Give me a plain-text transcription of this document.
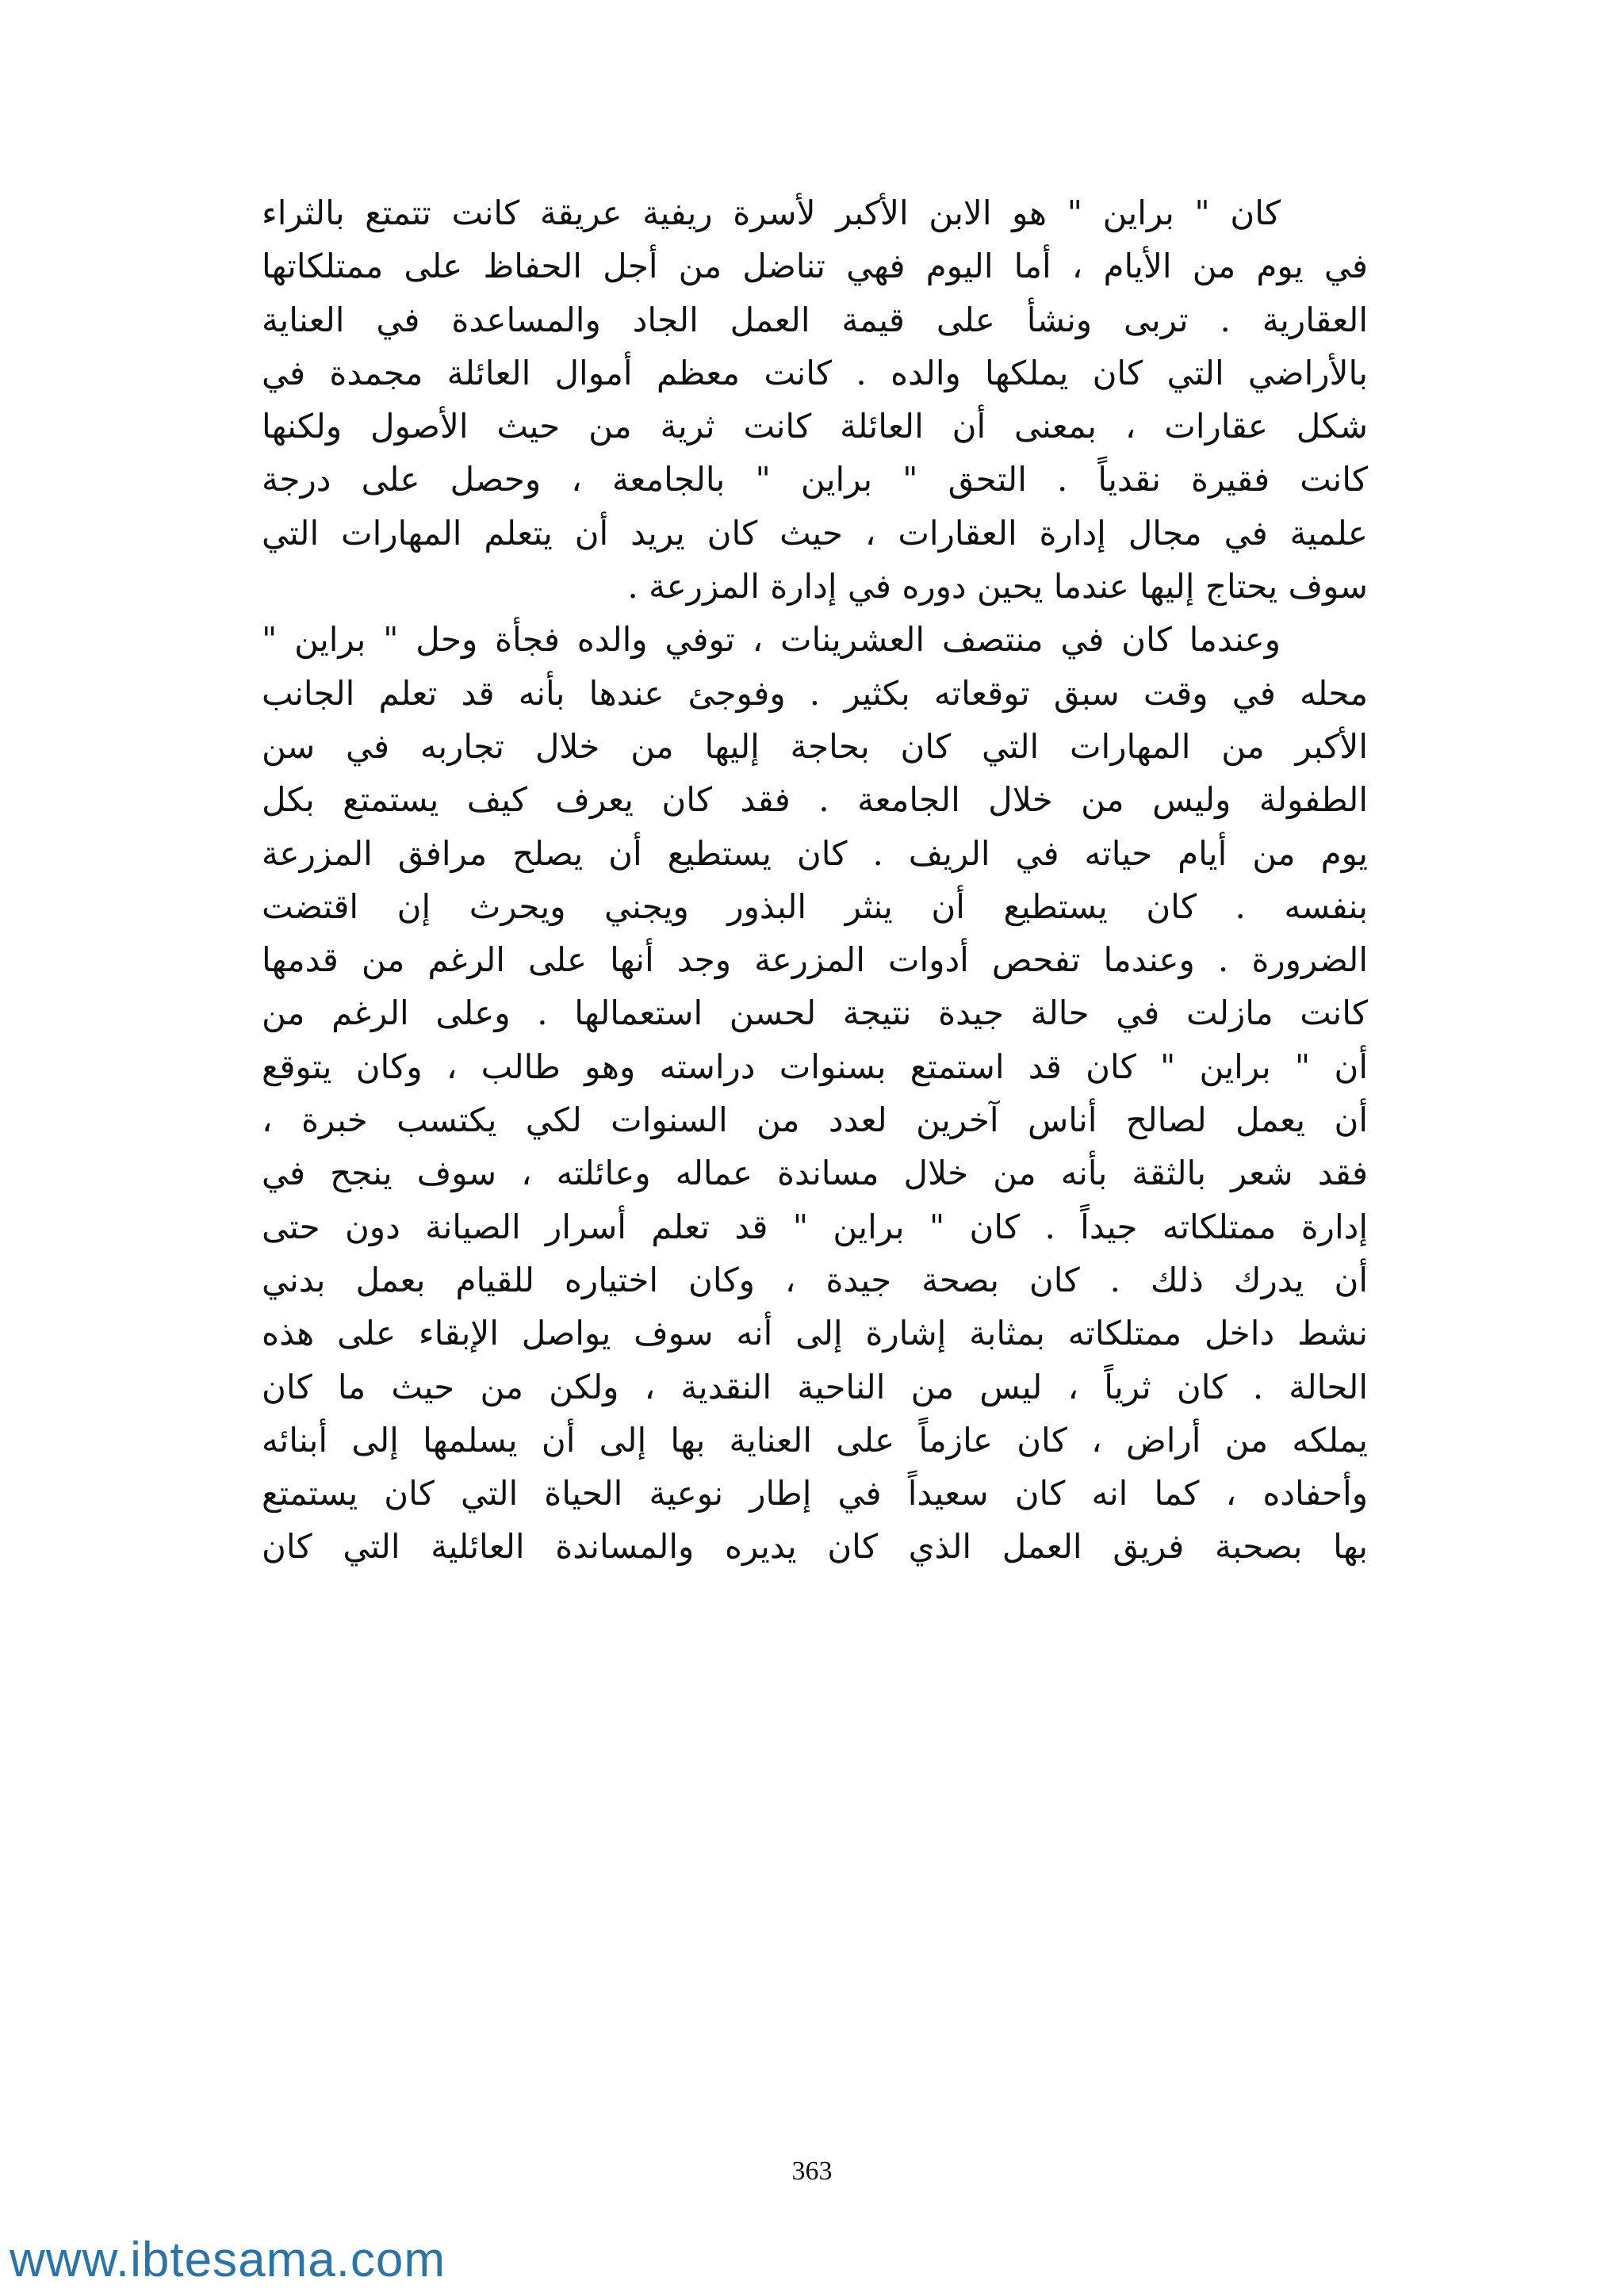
كان " براين " هو الابن الأكبر لأسرة ريفية عريقة كانت تتمتع بالثراء
في يوم من الأيام ، أما اليوم فهي تناضل من أجل الحفاظ على ممتلكاتها
العقارية . تربى ونشأ على قيمة العمل الجاد والمساعدة في العناية
بالأراضي التي كان يملكها والده . كانت معظم أموال العائلة مجمدة في
شكل عقارات ، بمعنى أن العائلة كانت ثرية من حيث الأصول ولكنها
كانت فقيرة نقدياً . التحق " براين " بالجامعة ، وحصل على درجة
علمية في مجال إدارة العقارات ، حيث كان يريد أن يتعلم المهارات التي
سوف يحتاج إليها عندما يحين دوره في إدارة المزرعة .

وعندما كان في منتصف العشرينات ، توفي والده فجأة وحل " براين "
محله في وقت سبق توقعاته بكثير . وفوجئ عندها بأنه قد تعلم الجانب
الأكبر من المهارات التي كان بحاجة إليها من خلال تجاربه في سن
الطفولة وليس من خلال الجامعة . فقد كان يعرف كيف يستمتع بكل
يوم من أيام حياته في الريف . كان يستطيع أن يصلح مرافق المزرعة
بنفسه . كان يستطيع أن ينثر البذور ويجني ويحرث إن اقتضت
الضرورة . وعندما تفحص أدوات المزرعة وجد أنها على الرغم من قدمها
كانت مازلت في حالة جيدة نتيجة لحسن استعمالها . وعلى الرغم من
أن " براين " كان قد استمتع بسنوات دراسته وهو طالب ، وكان يتوقع
أن يعمل لصالح أناس آخرين لعدد من السنوات لكي يكتسب خبرة ،
فقد شعر بالثقة بأنه من خلال مساندة عماله وعائلته ، سوف ينجح في
إدارة ممتلكاته جيداً . كان " براين " قد تعلم أسرار الصيانة دون حتى
أن يدرك ذلك . كان بصحة جيدة ، وكان اختياره للقيام بعمل بدني
نشط داخل ممتلكاته بمثابة إشارة إلى أنه سوف يواصل الإبقاء على هذه
الحالة . كان ثرياً ، ليس من الناحية النقدية ، ولكن من حيث ما كان
يملكه من أراض ، كان عازماً على العناية بها إلى أن يسلمها إلى أبنائه
وأحفاده ، كما انه كان سعيداً في إطار نوعية الحياة التي كان يستمتع
بها بصحبة فريق العمل الذي كان يديره والمساندة العائلية التي كان

363
www.ibtesama.com
